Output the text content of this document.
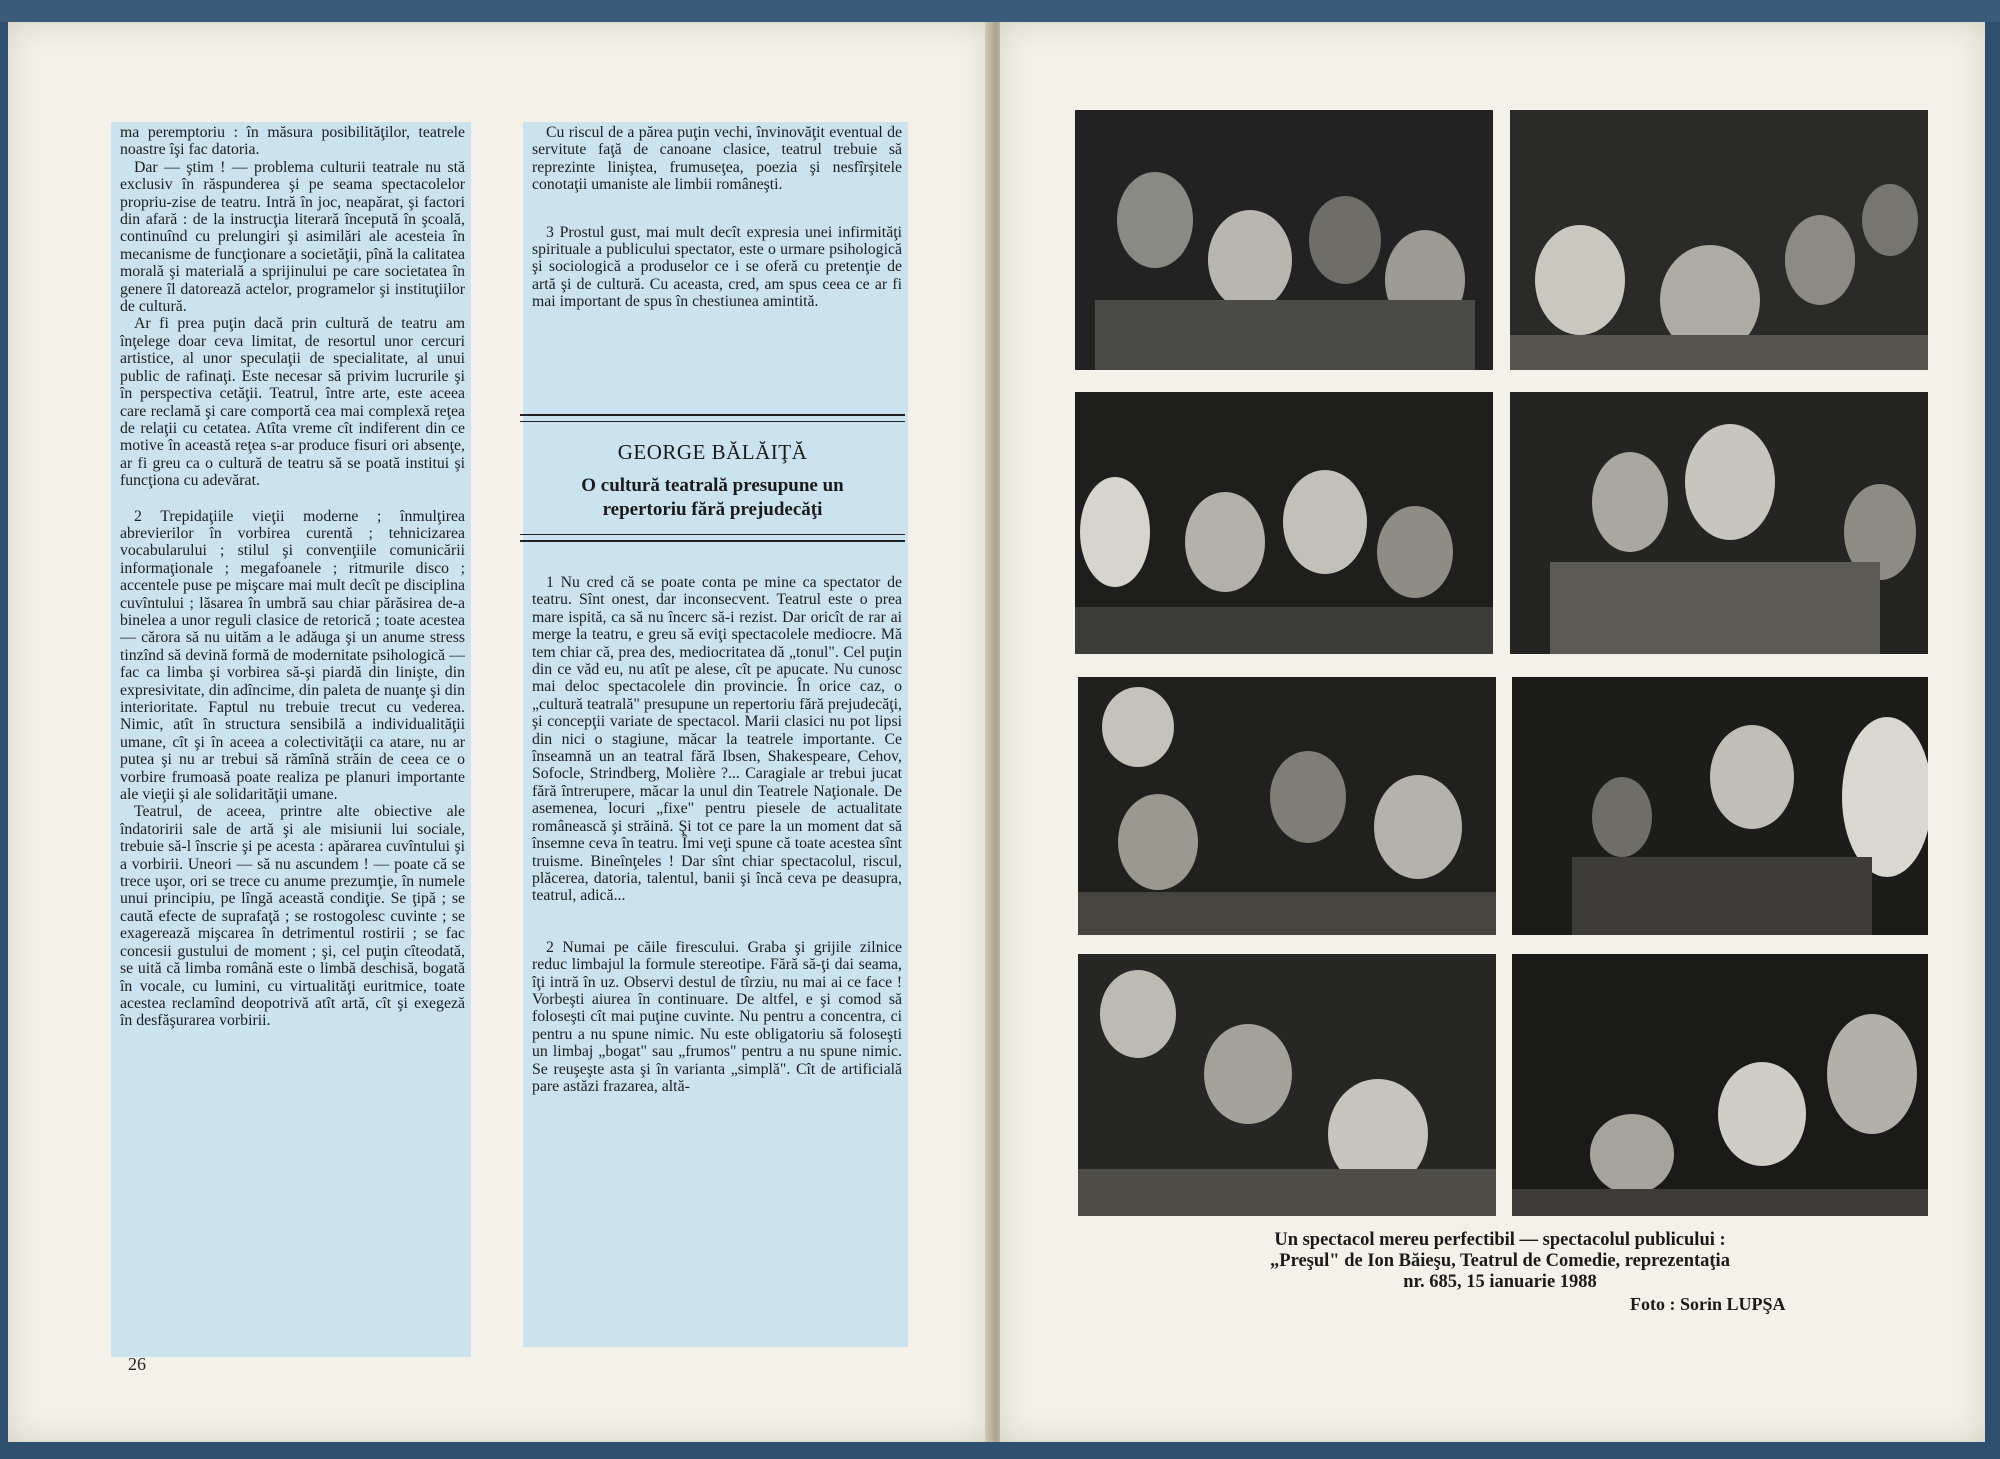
ma peremptoriu : în măsura posibilităţilor, teatrele noastre îşi fac datoria.

Dar — ştim ! — problema culturii teatrale nu stă exclusiv în răspunderea şi pe seama spectacolelor propriu-zise de teatru. Intră în joc, neapărat, şi factori din afară : de la instrucţia literară începută în şcoală, continuînd cu prelungiri şi asimilări ale acesteia în mecanisme de funcţionare a societăţii, pînă la calitatea morală şi materială a sprijinului pe care societatea în genere îl datorează actelor, programelor şi instituţiilor de cultură.

Ar fi prea puţin dacă prin cultură de teatru am înţelege doar ceva limitat, de resortul unor cercuri artistice, al unor speculaţii de specialitate, al unui public de rafinaţi. Este necesar să privim lucrurile şi în perspectiva cetăţii. Teatrul, între arte, este aceea care reclamă şi care comportă cea mai complexă reţea de relaţii cu cetatea. Atîta vreme cît indiferent din ce motive în această reţea s-ar produce fisuri ori absenţe, ar fi greu ca o cultură de teatru să se poată institui şi funcţiona cu adevărat.

2 Trepidaţiile vieţii moderne ; înmulţirea abrevierilor în vorbirea curentă ; tehnicizarea vocabularului ; stilul şi convenţiile comunicării informaţionale ; megafoanele ; ritmurile disco ; accentele puse pe mişcare mai mult decît pe disciplina cuvîntului ; lăsarea în umbră sau chiar părăsirea de-a binelea a unor reguli clasice de retorică ; toate acestea — cărora să nu uităm a le adăuga şi un anume stress tinzînd să devină formă de modernitate psihologică — fac ca limba şi vorbirea să-şi piardă din linişte, din expresivitate, din adîncime, din paleta de nuanţe şi din interioritate. Faptul nu trebuie trecut cu vederea. Nimic, atît în structura sensibilă a individualităţii umane, cît şi în aceea a colectivităţii ca atare, nu ar putea şi nu ar trebui să rămînă străin de ceea ce o vorbire frumoasă poate realiza pe planuri importante ale vieţii şi ale solidarităţii umane.

Teatrul, de aceea, printre alte obiective ale îndatoririi sale de artă şi ale misiunii lui sociale, trebuie să-l înscrie şi pe acesta : apărarea cuvîntului şi a vorbirii. Uneori — să nu ascundem ! — poate că se trece uşor, ori se trece cu anume prezumţie, în numele unui principiu, pe lîngă această condiţie. Se ţipă ; se caută efecte de suprafaţă ; se rostogolesc cuvinte ; se exagerează mişcarea în detrimentul rostirii ; se fac concesii gustului de moment ; şi, cel puţin cîteodată, se uită că limba română este o limbă deschisă, bogată în vocale, cu lumini, cu virtualităţi euritmice, toate acestea reclamînd deopotrivă atît artă, cît şi exegeză în desfăşurarea vorbirii.

Cu riscul de a părea puţin vechi, învinovăţit eventual de servitute faţă de canoane clasice, teatrul trebuie să reprezinte liniştea, frumuseţea, poezia şi nesfîrşitele conotaţii umaniste ale limbii româneşti.

3 Prostul gust, mai mult decît expresia unei infirmităţi spirituale a publicului spectator, este o urmare psihologică şi sociologică a produselor ce i se oferă cu pretenţie de artă şi de cultură. Cu aceasta, cred, am spus ceea ce ar fi mai important de spus în chestiunea amintită.

GEORGE BĂLĂIŢĂ
O cultură teatrală presupune un repertoriu fără prejudecăţi

1 Nu cred că se poate conta pe mine ca spectator de teatru. Sînt onest, dar inconsecvent. Teatrul este o prea mare ispită, ca să nu încerc să-i rezist. Dar oricît de rar ai merge la teatru, e greu să eviţi spectacolele mediocre. Mă tem chiar că, prea des, mediocritatea dă „tonul". Cel puţin din ce văd eu, nu atît pe alese, cît pe apucate. Nu cunosc mai deloc spectacolele din provincie. În orice caz, o „cultură teatrală" presupune un repertoriu fără prejudecăţi, şi concepţii variate de spectacol. Marii clasici nu pot lipsi din nici o stagiune, măcar la teatrele importante. Ce înseamnă un an teatral fără Ibsen, Shakespeare, Cehov, Sofocle, Strindberg, Molière ?... Caragiale ar trebui jucat fără întrerupere, măcar la unul din Teatrele Naţionale. De asemenea, locuri „fixe" pentru piesele de actualitate românească şi străină. Şi tot ce pare la un moment dat să însemne ceva în teatru. Îmi veţi spune că toate acestea sînt truisme. Bineînţeles ! Dar sînt chiar spectacolul, riscul, plăcerea, datoria, talentul, banii şi încă ceva pe deasupra, teatrul, adică...

2 Numai pe căile firescului. Graba şi grijile zilnice reduc limbajul la formule stereotipe. Fără să-ţi dai seama, îţi intră în uz. Observi destul de tîrziu, nu mai ai ce face ! Vorbeşti aiurea în continuare. De altfel, e şi comod să foloseşti cît mai puţine cuvinte. Nu pentru a concentra, ci pentru a nu spune nimic. Nu este obligatoriu să foloseşti un limbaj „bogat" sau „frumos" pentru a nu spune nimic. Se reuşeşte asta şi în varianta „simplă". Cît de artificială pare astăzi frazarea, altă-

26
Un spectacol mereu perfectibil — spectacolul publicului :
„Preşul" de Ion Băieşu, Teatrul de Comedie, reprezentaţia
nr. 685, 15 ianuarie 1988
Foto : Sorin LUPŞA
